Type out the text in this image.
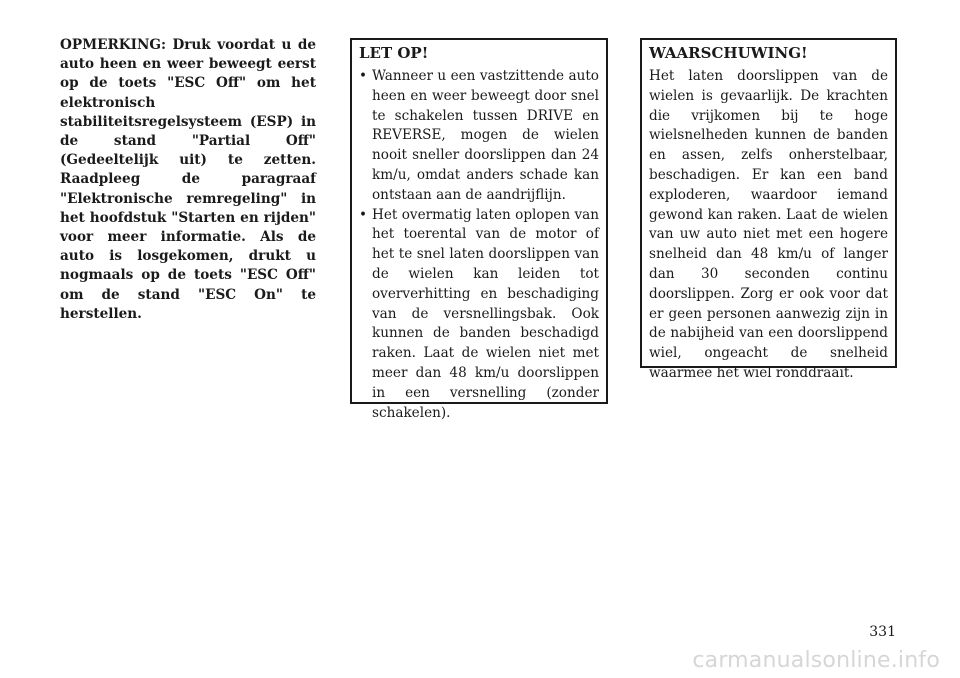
OPMERKING: Druk voordat u de auto heen en weer beweegt eerst op de toets "ESC Off" om het elektronisch stabiliteitsregelsysteem (ESP) in de stand "Partial Off" (Gedeeltelijk uit) te zetten. Raadpleeg de paragraaf "Elektronische remregeling" in het hoofdstuk "Starten en rijden" voor meer informatie. Als de auto is losgekomen, drukt u nogmaals op de toets "ESC Off" om de stand "ESC On" te herstellen.
LET OP!
• Wanneer u een vastzittende auto heen en weer beweegt door snel te schakelen tussen DRIVE en REVERSE, mogen de wielen nooit sneller doorslippen dan 24 km/u, omdat anders schade kan ontstaan aan de aandrijflijn.
• Het overmatig laten oplopen van het toerental van de motor of het te snel laten doorslippen van de wielen kan leiden tot oververhitting en beschadiging van de versnellingsbak. Ook kunnen de banden beschadigd raken. Laat de wielen niet met meer dan 48 km/u doorslippen in een versnelling (zonder schakelen).
WAARSCHUWING!

Het laten doorslippen van de wielen is gevaarlijk. De krachten die vrijkomen bij te hoge wielsnelheden kunnen de banden en assen, zelfs onherstelbaar, beschadigen. Er kan een band exploderen, waardoor iemand gewond kan raken. Laat de wielen van uw auto niet met een hogere snelheid dan 48 km/u of langer dan 30 seconden continu doorslippen. Zorg er ook voor dat er geen personen aanwezig zijn in de nabijheid van een doorslippend wiel, ongeacht de snelheid waarmee het wiel ronddraait.

331
carmanualsonline.info
